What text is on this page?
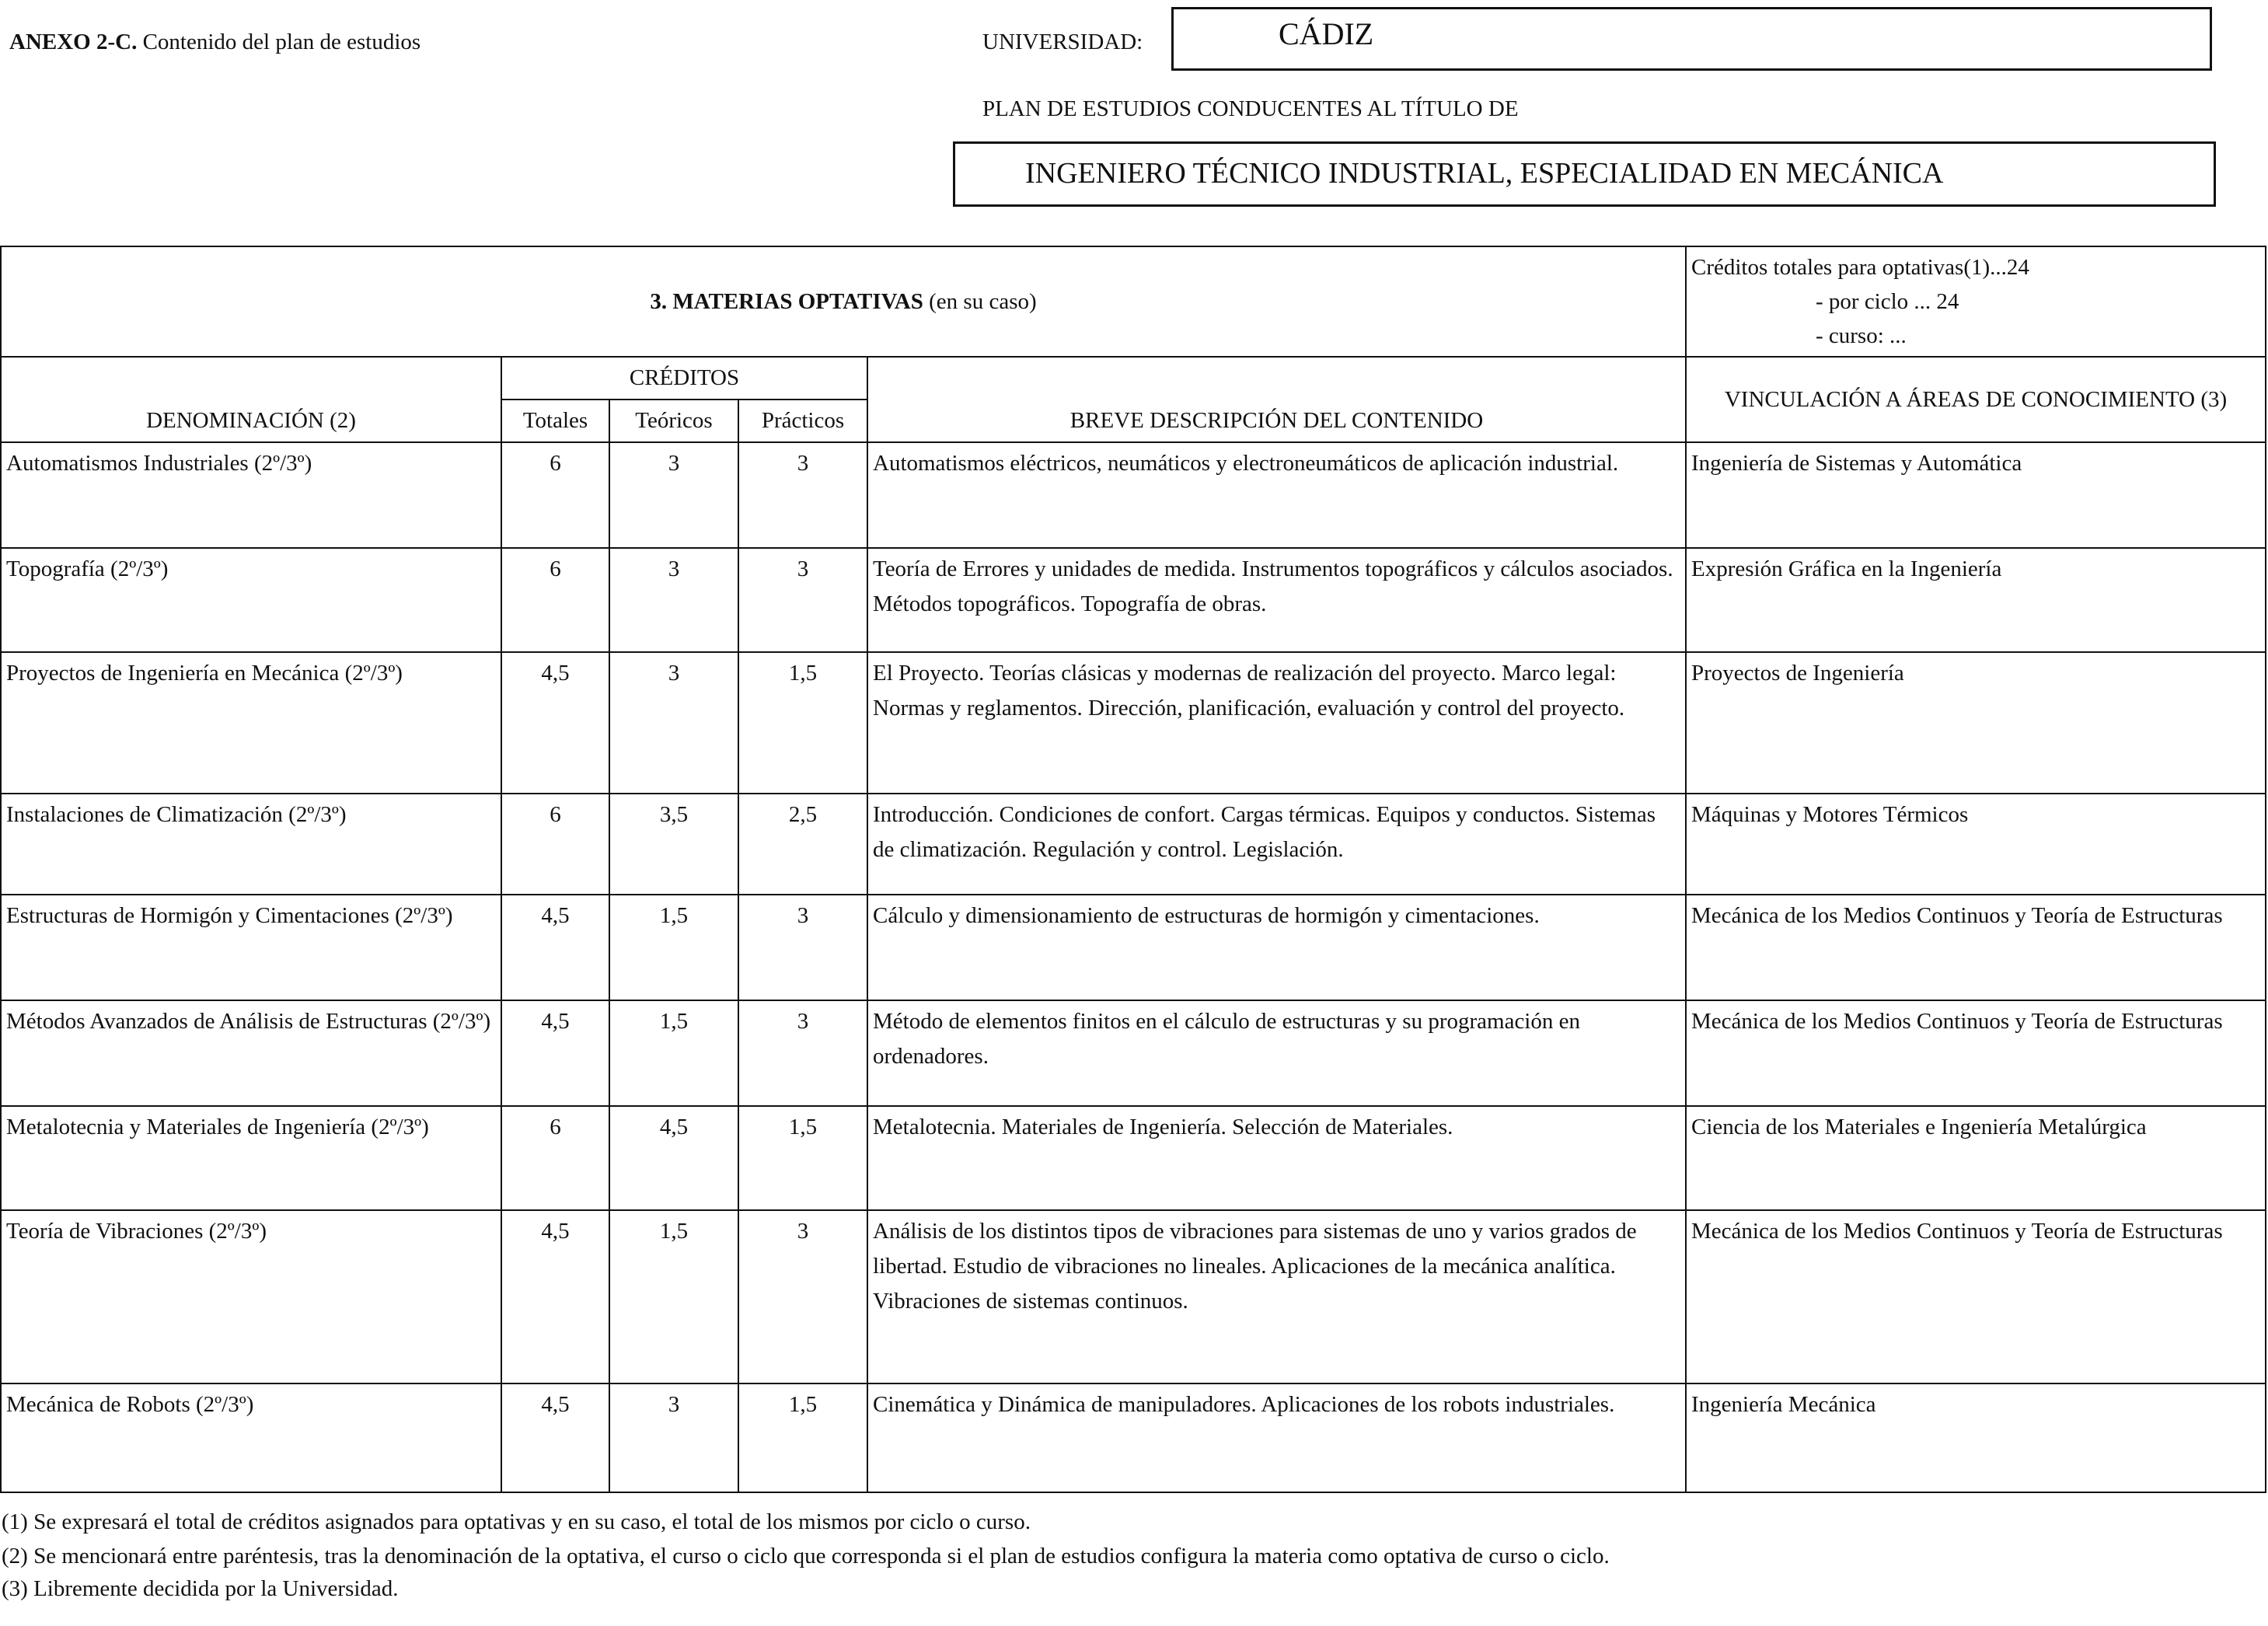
ANEXO 2-C. Contenido del plan de estudios	UNIVERSIDAD:	CÁDIZ
PLAN DE ESTUDIOS CONDUCENTES AL TÍTULO DE
INGENIERO TÉCNICO INDUSTRIAL, ESPECIALIDAD EN MECÁNICA
3. MATERIAS OPTATIVAS (en su caso)					Créditos totales para optativas(1)...24
- por ciclo ... 24
- curso: ...

DENOMINACIÓN (2)	CRÉDITOS			BREVE DESCRIPCIÓN DEL CONTENIDO	VINCULACIÓN A ÁREAS DE CONOCIMIENTO (3)
	Totales	Teóricos	Prácticos		
Automatismos Industriales (2º/3º)	6	3	3	Automatismos eléctricos, neumáticos y electroneumáticos de aplicación industrial.	Ingeniería de Sistemas y Automática
Topografía (2º/3º)	6	3	3	Teoría de Errores y unidades de medida. Instrumentos topográficos y cálculos asociados. Métodos topográficos. Topografía de obras.	Expresión Gráfica en la Ingeniería
Proyectos de Ingeniería en Mecánica (2º/3º)	4,5	3	1,5	El Proyecto. Teorías clásicas y modernas de realización del proyecto. Marco legal: Normas y reglamentos. Dirección, planificación, evaluación y control del proyecto.	Proyectos de Ingeniería
Instalaciones de Climatización (2º/3º)	6	3,5	2,5	Introducción. Condiciones de confort. Cargas térmicas. Equipos y conductos. Sistemas de climatización. Regulación y control. Legislación.	Máquinas y Motores Térmicos
Estructuras de Hormigón y Cimentaciones (2º/3º)	4,5	1,5	3	Cálculo y dimensionamiento de estructuras de hormigón y cimentaciones.	Mecánica de los Medios Continuos y Teoría de Estructuras
Métodos Avanzados de Análisis de Estructuras (2º/3º)	4,5	1,5	3	Método de elementos finitos en el cálculo de estructuras y su programación en ordenadores.	Mecánica de los Medios Continuos y Teoría de Estructuras
Metalotecnia y Materiales de Ingeniería (2º/3º)	6	4,5	1,5	Metalotecnia. Materiales de Ingeniería. Selección de Materiales.	Ciencia de los Materiales e Ingeniería Metalúrgica
Teoría de Vibraciones (2º/3º)	4,5	1,5	3	Análisis de los distintos tipos de vibraciones para sistemas de uno y varios grados de libertad. Estudio de vibraciones no lineales. Aplicaciones de la mecánica analítica. Vibraciones de sistemas continuos.	Mecánica de los Medios Continuos y Teoría de Estructuras
Mecánica de Robots (2º/3º)	4,5	3	1,5	Cinemática y Dinámica de manipuladores. Aplicaciones de los robots industriales.	Ingeniería Mecánica
(1) Se expresará el total de créditos asignados para optativas y en su caso, el total de los mismos por ciclo o curso.
(2) Se mencionará entre paréntesis, tras la denominación de la optativa, el curso o ciclo que corresponda si el plan de estudios configura la materia como optativa de curso o ciclo.
(3) Libremente decidida por la Universidad.
